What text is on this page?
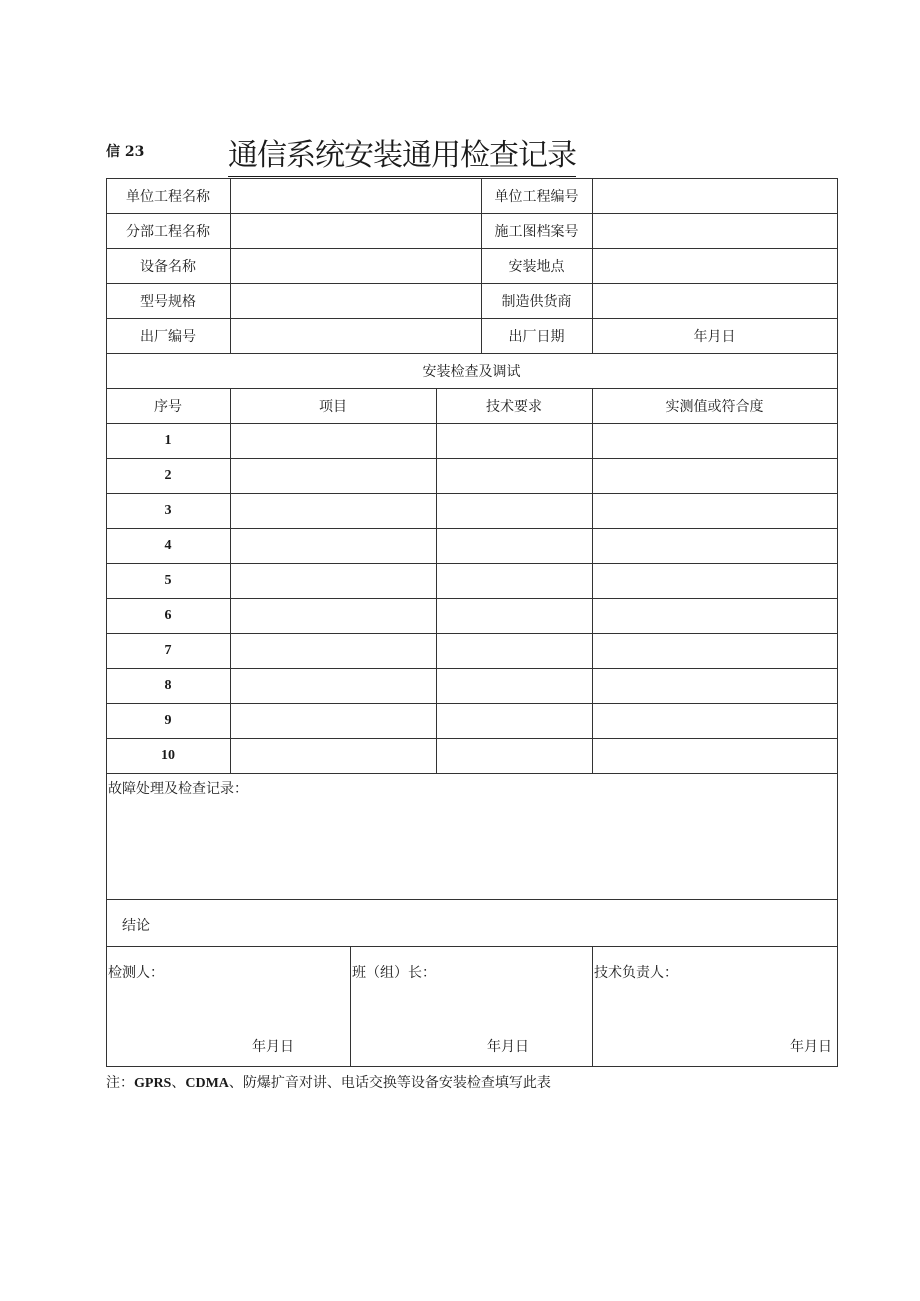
信 23	通信系统安装通用检查记录
单位工程名称	单位工程编号
分部工程名称	施工图档案号
设备名称	安装地点
型号规格	制造供货商
出厂编号	出厂日期	年月日
安装检查及调试
序号	项目	技术要求	实测值或符合度
1
2
3
4
5
6
7
8
9
10
故障处理及检查记录：
结论
检测人：	班（组）长：	技术负责人：
年月日	年月日	年月日
注：GPRS、CDMA、防爆扩音对讲、电话交换等设备安装检查填写此表
